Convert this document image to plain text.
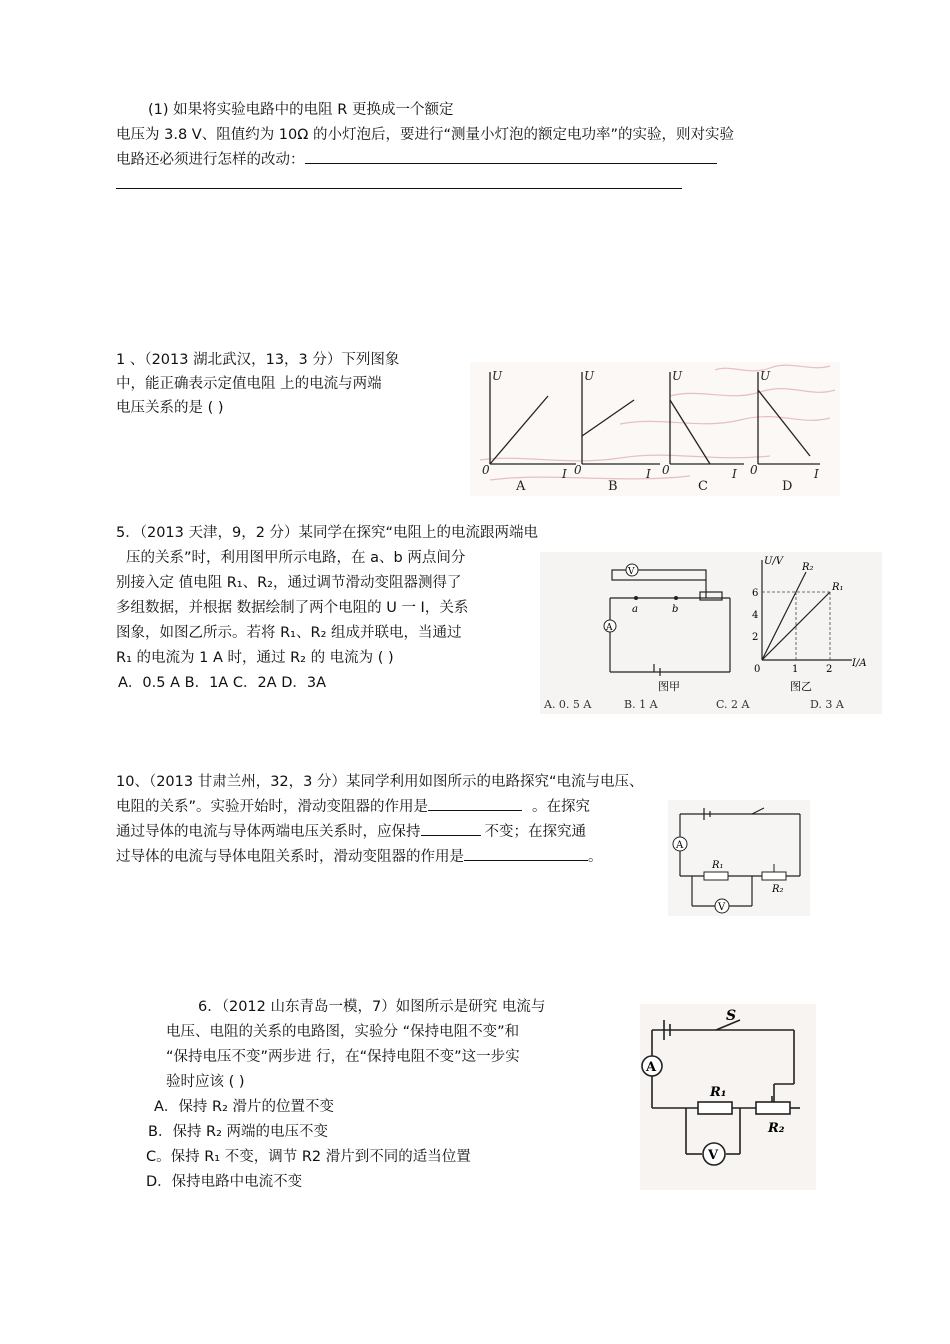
(1) 如果将实验电路中的电阻 R 更换成一个额定
电压为 3.8 V、阻值约为 10Ω 的小灯泡后，要进行“测量小灯泡的额定电功率”的实验，则对实验
电路还必须进行怎样的改动：
1 、（2013 湖北武汉，13，3 分）下列图象
中，能正确表示定值电阻 上的电流与两端
电压关系的是 ( )
U	U	U	U
I	I	I	I
0	0	0	0
A	B	C	D
5．（2013 天津，9，2 分）某同学在探究“电阻上的电流跟两端电
压的关系”时，利用图甲所示电路，在 a、b 两点间分
别接入定 值电阻 R₁、R₂，通过调节滑动变阻器测得了
多组数据，并根据 数据绘制了两个电阻的 U 一 I，关系
图象，如图乙所示。若将 R₁、R₂ 组成并联电，当通过
R₁ 的电流为 1 A 时，通过 R₂ 的 电流为 ( )
A．0.5 A B．1A C．2A D．3A
V
A
a	b
图甲
U/V
I/A
6
4
2
0	1	2
R₂
R₁
图乙
A. 0. 5 A	B. 1 A	C. 2 A	D. 3 A
10、（2013 甘肃兰州，32，3 分）某同学利用如图所示的电路探究“电流与电压、
电阻的关系”。实验开始时，滑动变阻器的作用是	。在探究
通过导体的电流与导体两端电压关系时，应保持	不变；在探究通
过导体的电流与导体电阻关系时，滑动变阻器的作用是	。
A
V
R₁
R₂
6．（2012 山东青岛一模，7）如图所示是研究 电流与
电压、电阻的关系的电路图，实验分 “保持电阻不变”和
“保持电压不变”两步进 行，在“保持电阻不变”这一步实
验时应该 ( )
A．保持 R₂ 滑片的位置不变
B．保持 R₂ 两端的电压不变
C。保持 R₁ 不变，调节 R2 滑片到不同的适当位置
D．保持电路中电流不变
A
V
S
R₁
R₂
